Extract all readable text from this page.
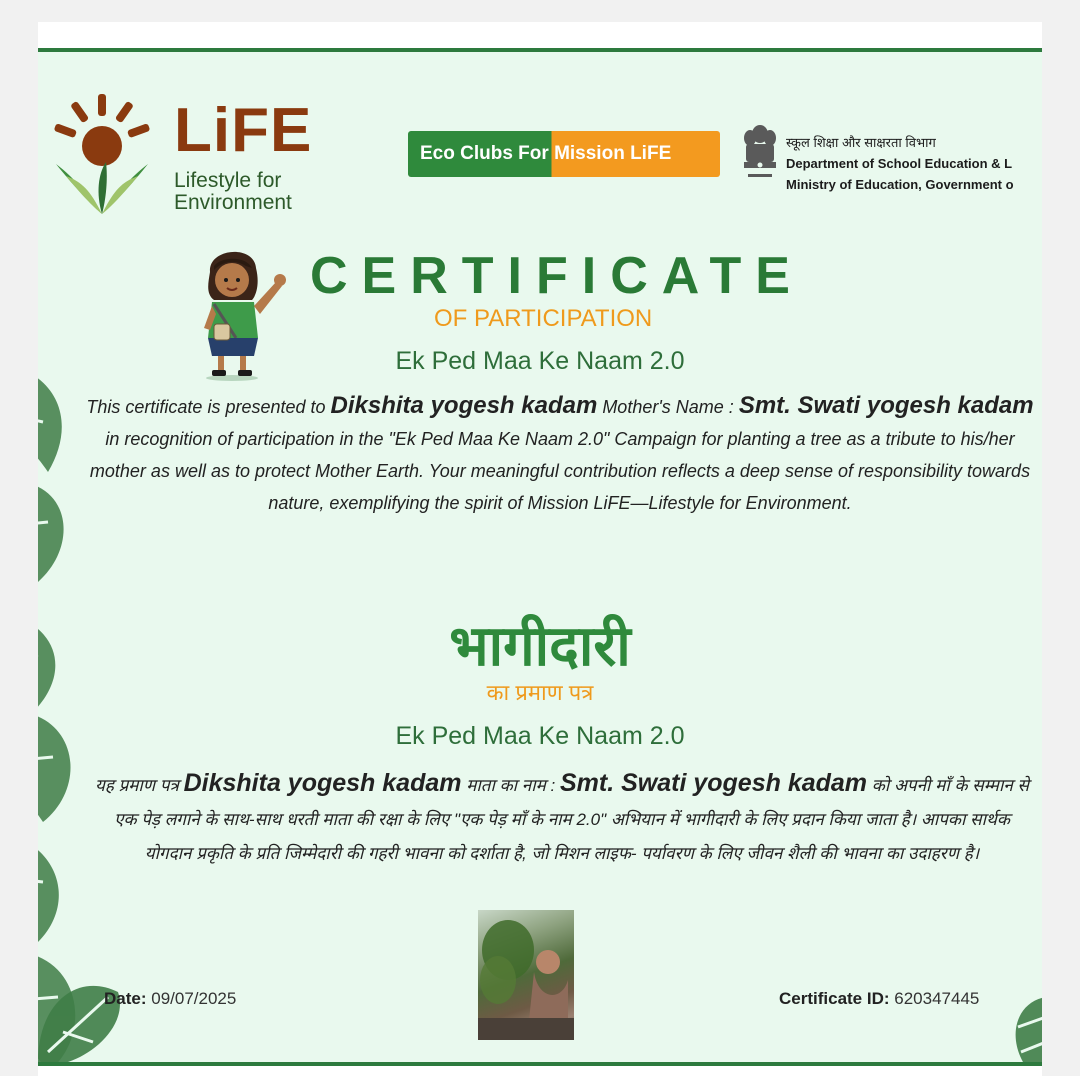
LiFE
Lifestyle for
Environment
Eco Clubs For Mission LiFE
स्कूल शिक्षा और साक्षरता विभाग
Department of School Education & L
Ministry of Education, Government o
CERTIFICATE
OF PARTICIPATION
Ek Ped Maa Ke Naam 2.0
This certificate is presented to Dikshita yogesh kadam Mother's Name : Smt. Swati yogesh kadam in recognition of participation in the "Ek Ped Maa Ke Naam 2.0" Campaign for planting a tree as a tribute to his/her mother as well as to protect Mother Earth. Your meaningful contribution reflects a deep sense of responsibility towards nature, exemplifying the spirit of Mission LiFE—Lifestyle for Environment.
भागीदारी
का प्रमाण पत्र
Ek Ped Maa Ke Naam 2.0
यह प्रमाण पत्र Dikshita yogesh kadam माता का नाम : Smt. Swati yogesh kadam को अपनी माँ के सम्मान से एक पेड़ लगाने के साथ-साथ धरती माता की रक्षा के लिए "एक पेड़ माँ के नाम 2.0" अभियान में भागीदारी के लिए प्रदान किया जाता है। आपका सार्थक योगदान प्रकृति के प्रति जिम्मेदारी की गहरी भावना को दर्शाता है, जो मिशन लाइफ- पर्यावरण के लिए जीवन शैली की भावना का उदाहरण है।
Date: 09/07/2025	Certificate ID: 620347445
